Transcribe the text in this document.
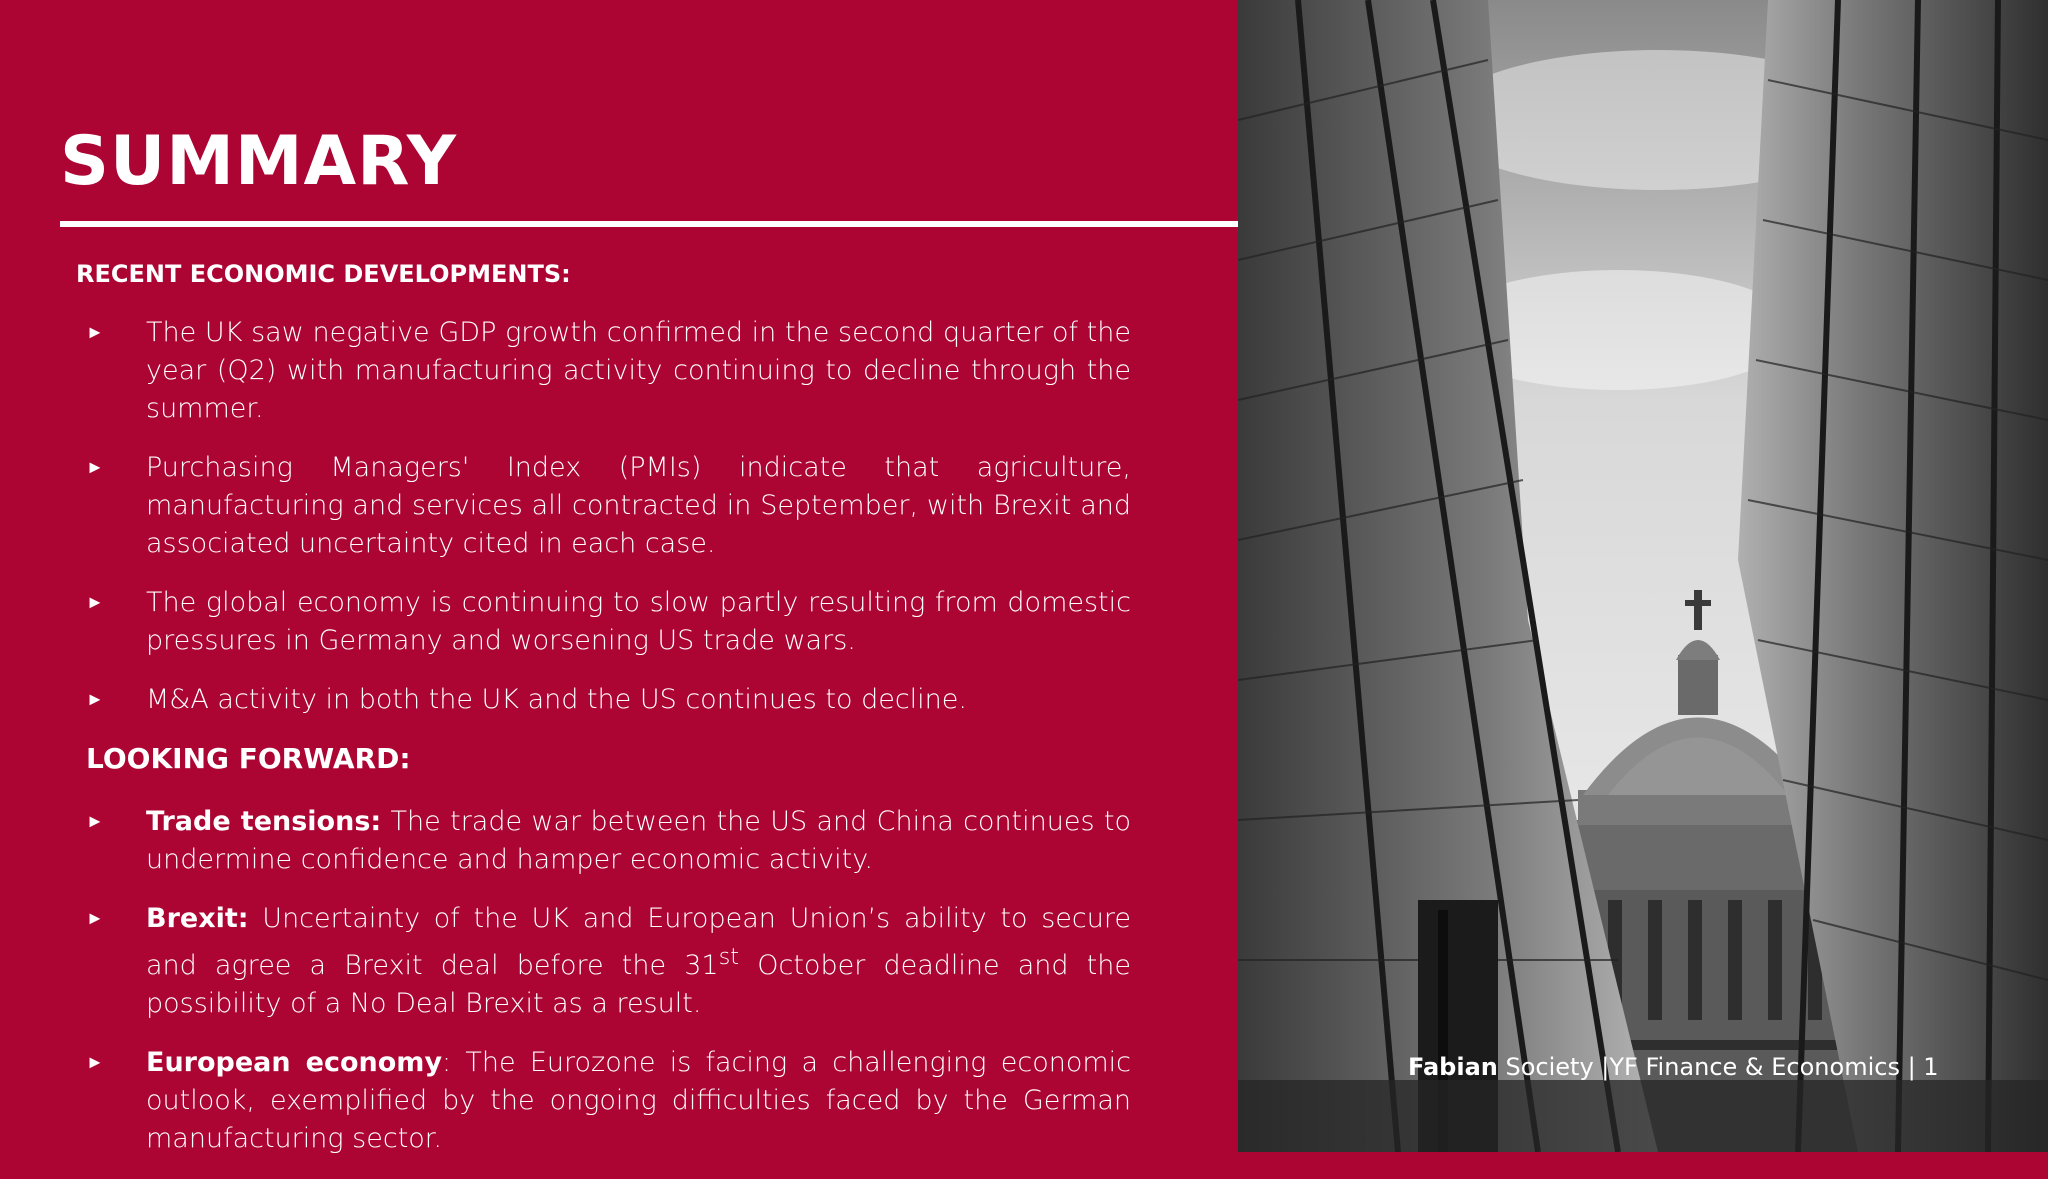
SUMMARY
RECENT ECONOMIC DEVELOPMENTS:
► The UK saw negative GDP growth confirmed in the second quarter of the year (Q2) with manufacturing activity continuing to decline through the summer.
► Purchasing Managers' Index (PMIs) indicate that agriculture, manufacturing and services all contracted in September, with Brexit and associated uncertainty cited in each case.
► The global economy is continuing to slow partly resulting from domestic pressures in Germany and worsening US trade wars.
► M&A activity in both the UK and the US continues to decline.
LOOKING FORWARD:
► Trade tensions: The trade war between the US and China continues to undermine confidence and hamper economic activity.
► Brexit: Uncertainty of the UK and European Union’s ability to secure and agree a Brexit deal before the 31st October deadline and the possibility of a No Deal Brexit as a result.
► European economy: The Eurozone is facing a challenging economic outlook, exemplified by the ongoing difficulties faced by the German manufacturing sector.
Fabian Society |YF Finance & Economics | 1
